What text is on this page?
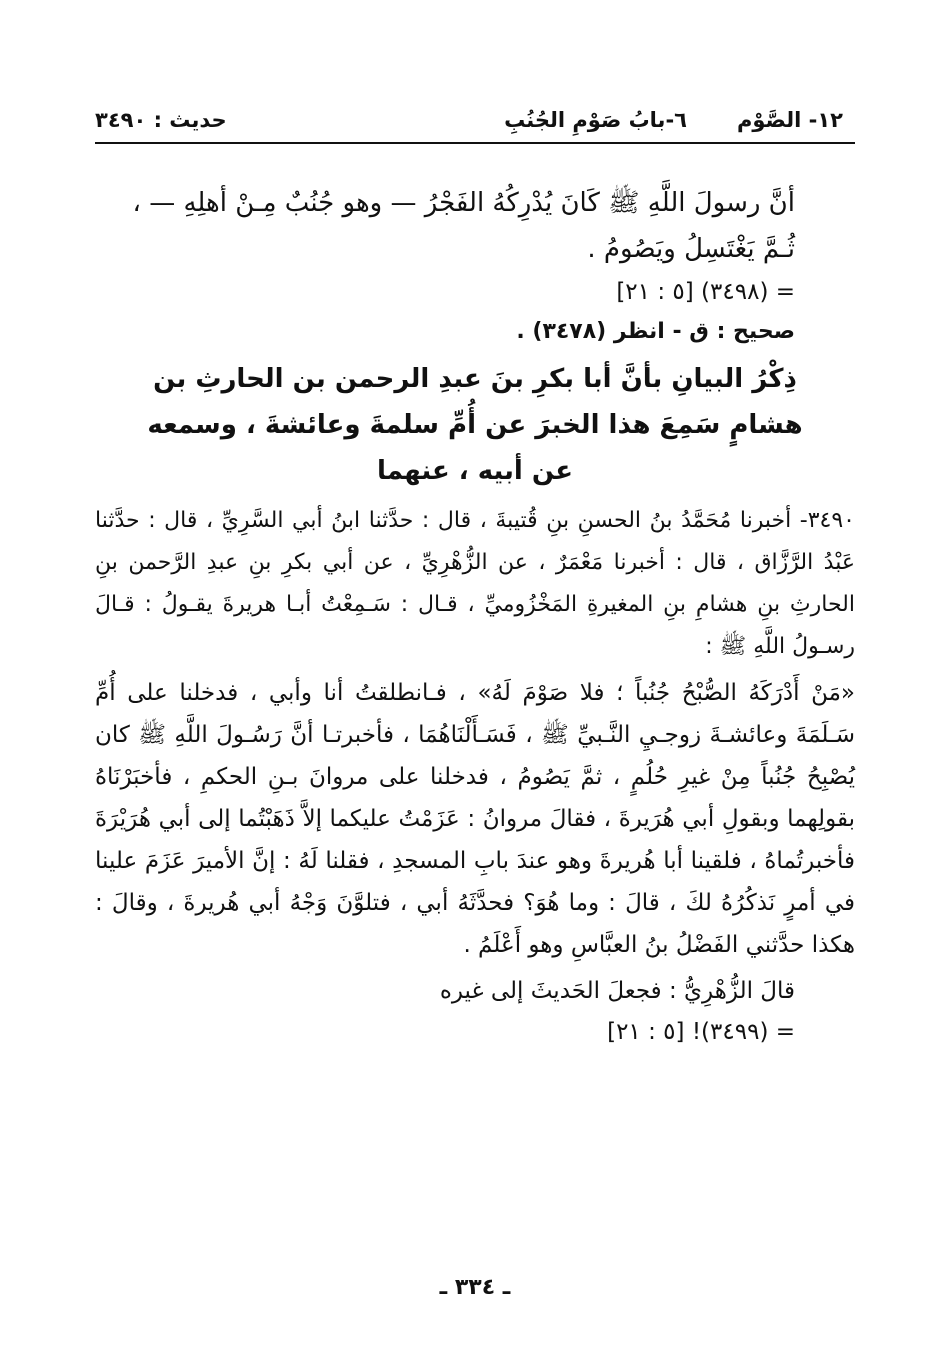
١٢- الصَّوْم
٦-بابُ صَوْمِ الجُنُبِ
حديث : ٣٤٩٠

أنَّ رسولَ اللَّهِ ﷺ كَانَ يُدْرِكُهُ الفَجْرُ — وهو جُنُبٌ مِـنْ أهلِهِ — ، ثُـمَّ يَغْتَسِلُ ويَصُومُ .

= (٣٤٩٨) [٥ : ٢١]

صحيح : ق - انظر (٣٤٧٨) .

ذِكْرُ البيانِ بأنَّ أبا بكرِ بنَ عبدِ الرحمن بن الحارثِ بن هشامٍ سَمِعَ هذا الخبرَ عن أُمِّ سلمةَ وعائشةَ ، وسمعه عن أبيه ، عنهما

٣٤٩٠- أخبرنا مُحَمَّدُ بنُ الحسنِ بنِ قُتيبةَ ، قال : حدَّثنا ابنُ أبي السَّرِيِّ ، قال : حدَّثنا عَبْدُ الرَّزَّاق ، قال : أخبرنا مَعْمَرٌ ، عن الزُّهْرِيِّ ، عن أبي بكرِ بنِ عبدِ الرَّحمن بنِ الحارثِ بنِ هشامِ بنِ المغيرةِ المَخْزُوميِّ ، قـال : سَـمِعْتُ أبـا هريرةَ يقـولُ : قـالَ رسـولُ اللَّهِ ﷺ :

«مَنْ أَدْرَكَهُ الصُّبْحُ جُنُباً ؛ فلا صَوْمَ لَهُ» ، فـانطلقتُ أنا وأبي ، فدخلنا على أُمِّ سَـلَمَةَ وعائشـةَ زوجـيِ النَّـبيِّ ﷺ ، فَسَـأَلْنَاهُمَا ، فأخبرتـا أنَّ رَسُـولَ اللَّهِ ﷺ كان يُصْبِحُ جُنُباً مِنْ غيرِ حُلُمٍ ، ثمَّ يَصُومُ ، فدخلنا على مروانَ بـنِ الحكمِ ، فأخبَرْنَاهُ بقولِهما وبقولِ أبي هُرَيرةَ ، فقالَ مروانُ : عَزَمْتُ عليكما إلاَّ ذَهَبْتُما إلى أبي هُرَيْرَةَ فأخبرتُماهُ ، فلقينا أبا هُريرةَ وهو عندَ بابِ المسجدِ ، فقلنا لَهُ : إنَّ الأميرَ عَزَمَ علينا في أمرٍ نَذكُرُهُ لكَ ، قالَ : وما هُوَ؟ فحدَّثَهُ أبي ، فتلوَّنَ وَجْهُ أبي هُريرةَ ، وقالَ : هكذا حدَّثني الفَضْلُ بنُ العبَّاسِ وهو أَعْلَمُ .

قالَ الزُّهْرِيُّ : فجعلَ الحَديثَ إلى غيره

= (٣٤٩٩)! [٥ : ٢١]

ـ ٣٣٤ ـ
